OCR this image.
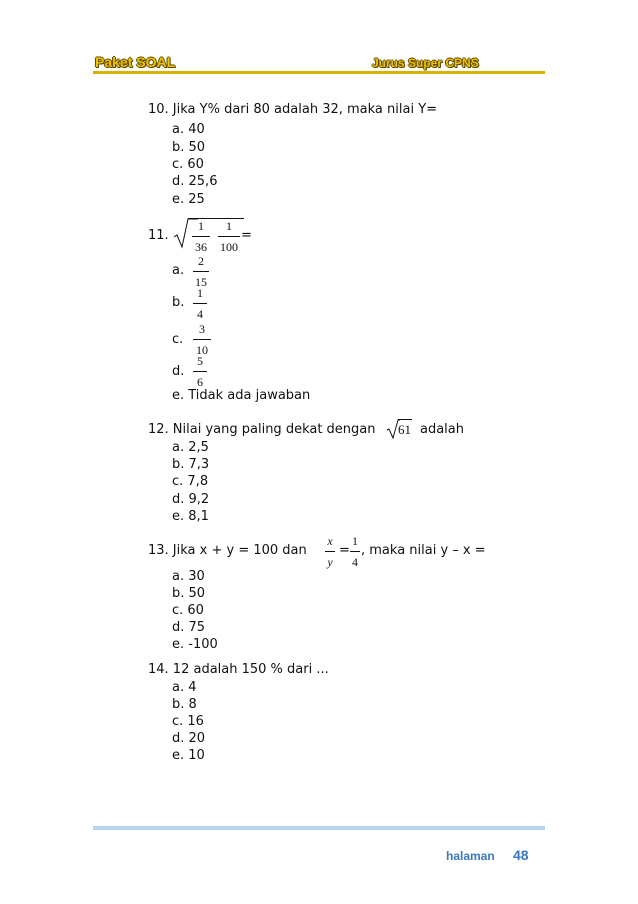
Paket SOAL	Jurus Super CPNS
10. Jika Y% dari 80 adalah 32, maka nilai Y=
a. 40
b. 50
c. 60
d. 25,6
e. 25
11.
1
36
1
100
=
a.
2
15
b.
1
4
c.
3
10
d.
5
6
e. Tidak ada jawaban
12. Nilai yang paling dekat dengan 61 adalah
a. 2,5
b. 7,3
c. 7,8
d. 9,2
e. 8,1
13. Jika x + y = 100 dan
x
y
=
1
4
, maka nilai y – x =
a. 30
b. 50
c. 60
d. 75
e. -100
14. 12 adalah 150 % dari ...
a. 4
b. 8
c. 16
d. 20
e. 10
halaman 48
